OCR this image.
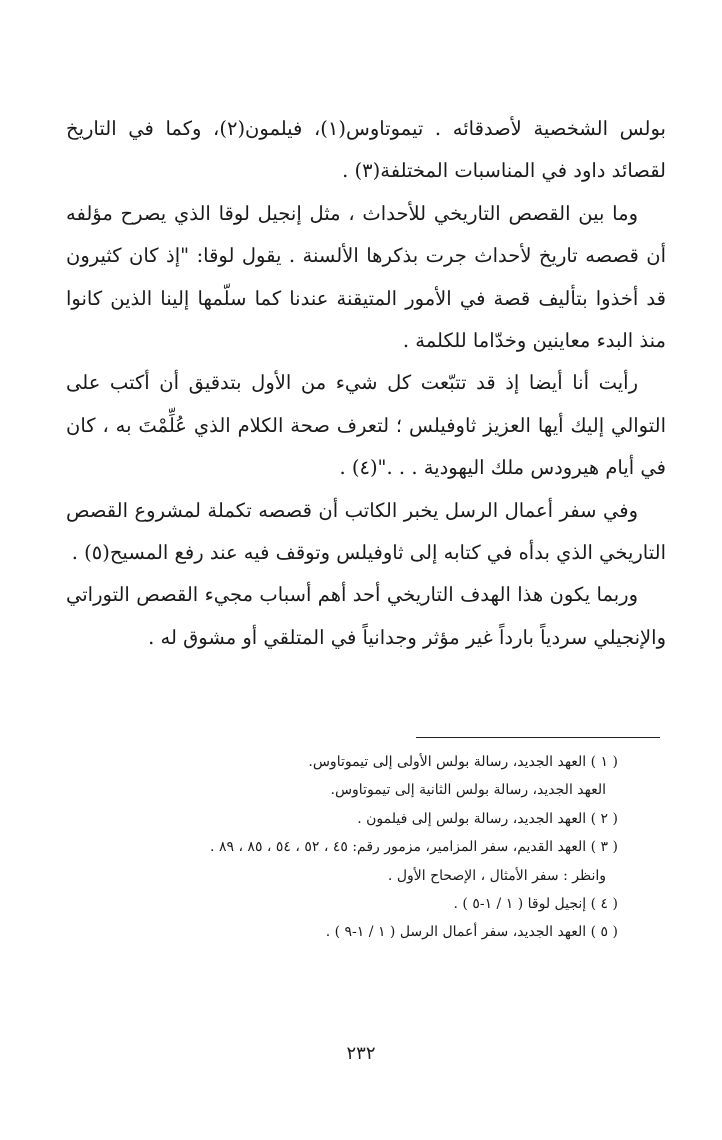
بولس الشخصية لأصدقائه . تيموتاوس(١)، فيلمون(٢)، وكما في التاريخ لقصائد داود في المناسبات المختلفة(٣) .

وما بين القصص التاريخي للأحداث ، مثل إنجيل لوقا الذي يصرح مؤلفه أن قصصه تاريخ لأحداث جرت بذكرها الألسنة . يقول لوقا: "إذ كان كثيرون قد أخذوا بتأليف قصة في الأمور المتيقنة عندنا كما سلّمها إلينا الذين كانوا منذ البدء معاينين وخدّاما للكلمة .

رأيت أنا أيضا إذ قد تتبّعت كل شيء من الأول بتدقيق أن أكتب على التوالي إليك أيها العزيز ثاوفيلس ؛ لتعرف صحة الكلام الذي عُلِّمْتَ به ، كان في أيام هيرودس ملك اليهودية . . ."(٤) .

وفي سفر أعمال الرسل يخبر الكاتب أن قصصه تكملة لمشروع القصص التاريخي الذي بدأه في كتابه إلى ثاوفيلس وتوقف فيه عند رفع المسيح(٥) .

وربما يكون هذا الهدف التاريخي أحد أهم أسباب مجيء القصص التوراتي والإنجيلي سردياً بارداً غير مؤثر وجدانياً في المتلقي أو مشوق له .

( ١ ) العهد الجديد، رسالة بولس الأولى إلى تيموتاوس.

العهد الجديد، رسالة بولس الثانية إلى تيموتاوس.

( ٢ ) العهد الجديد، رسالة بولس إلى فيلمون .

( ٣ ) العهد القديم، سفر المزامير، مزمور رقم: ٤٥ ، ٥٢ ، ٥٤ ، ٨٥ ، ٨٩ .

وانظر : سفر الأمثال ، الإصحاح الأول .

( ٤ ) إنجيل لوقا ( ١ / ١-٥ ) .

( ٥ ) العهد الجديد، سفر أعمال الرسل ( ١ / ١-٩ ) .

٢٣٢
